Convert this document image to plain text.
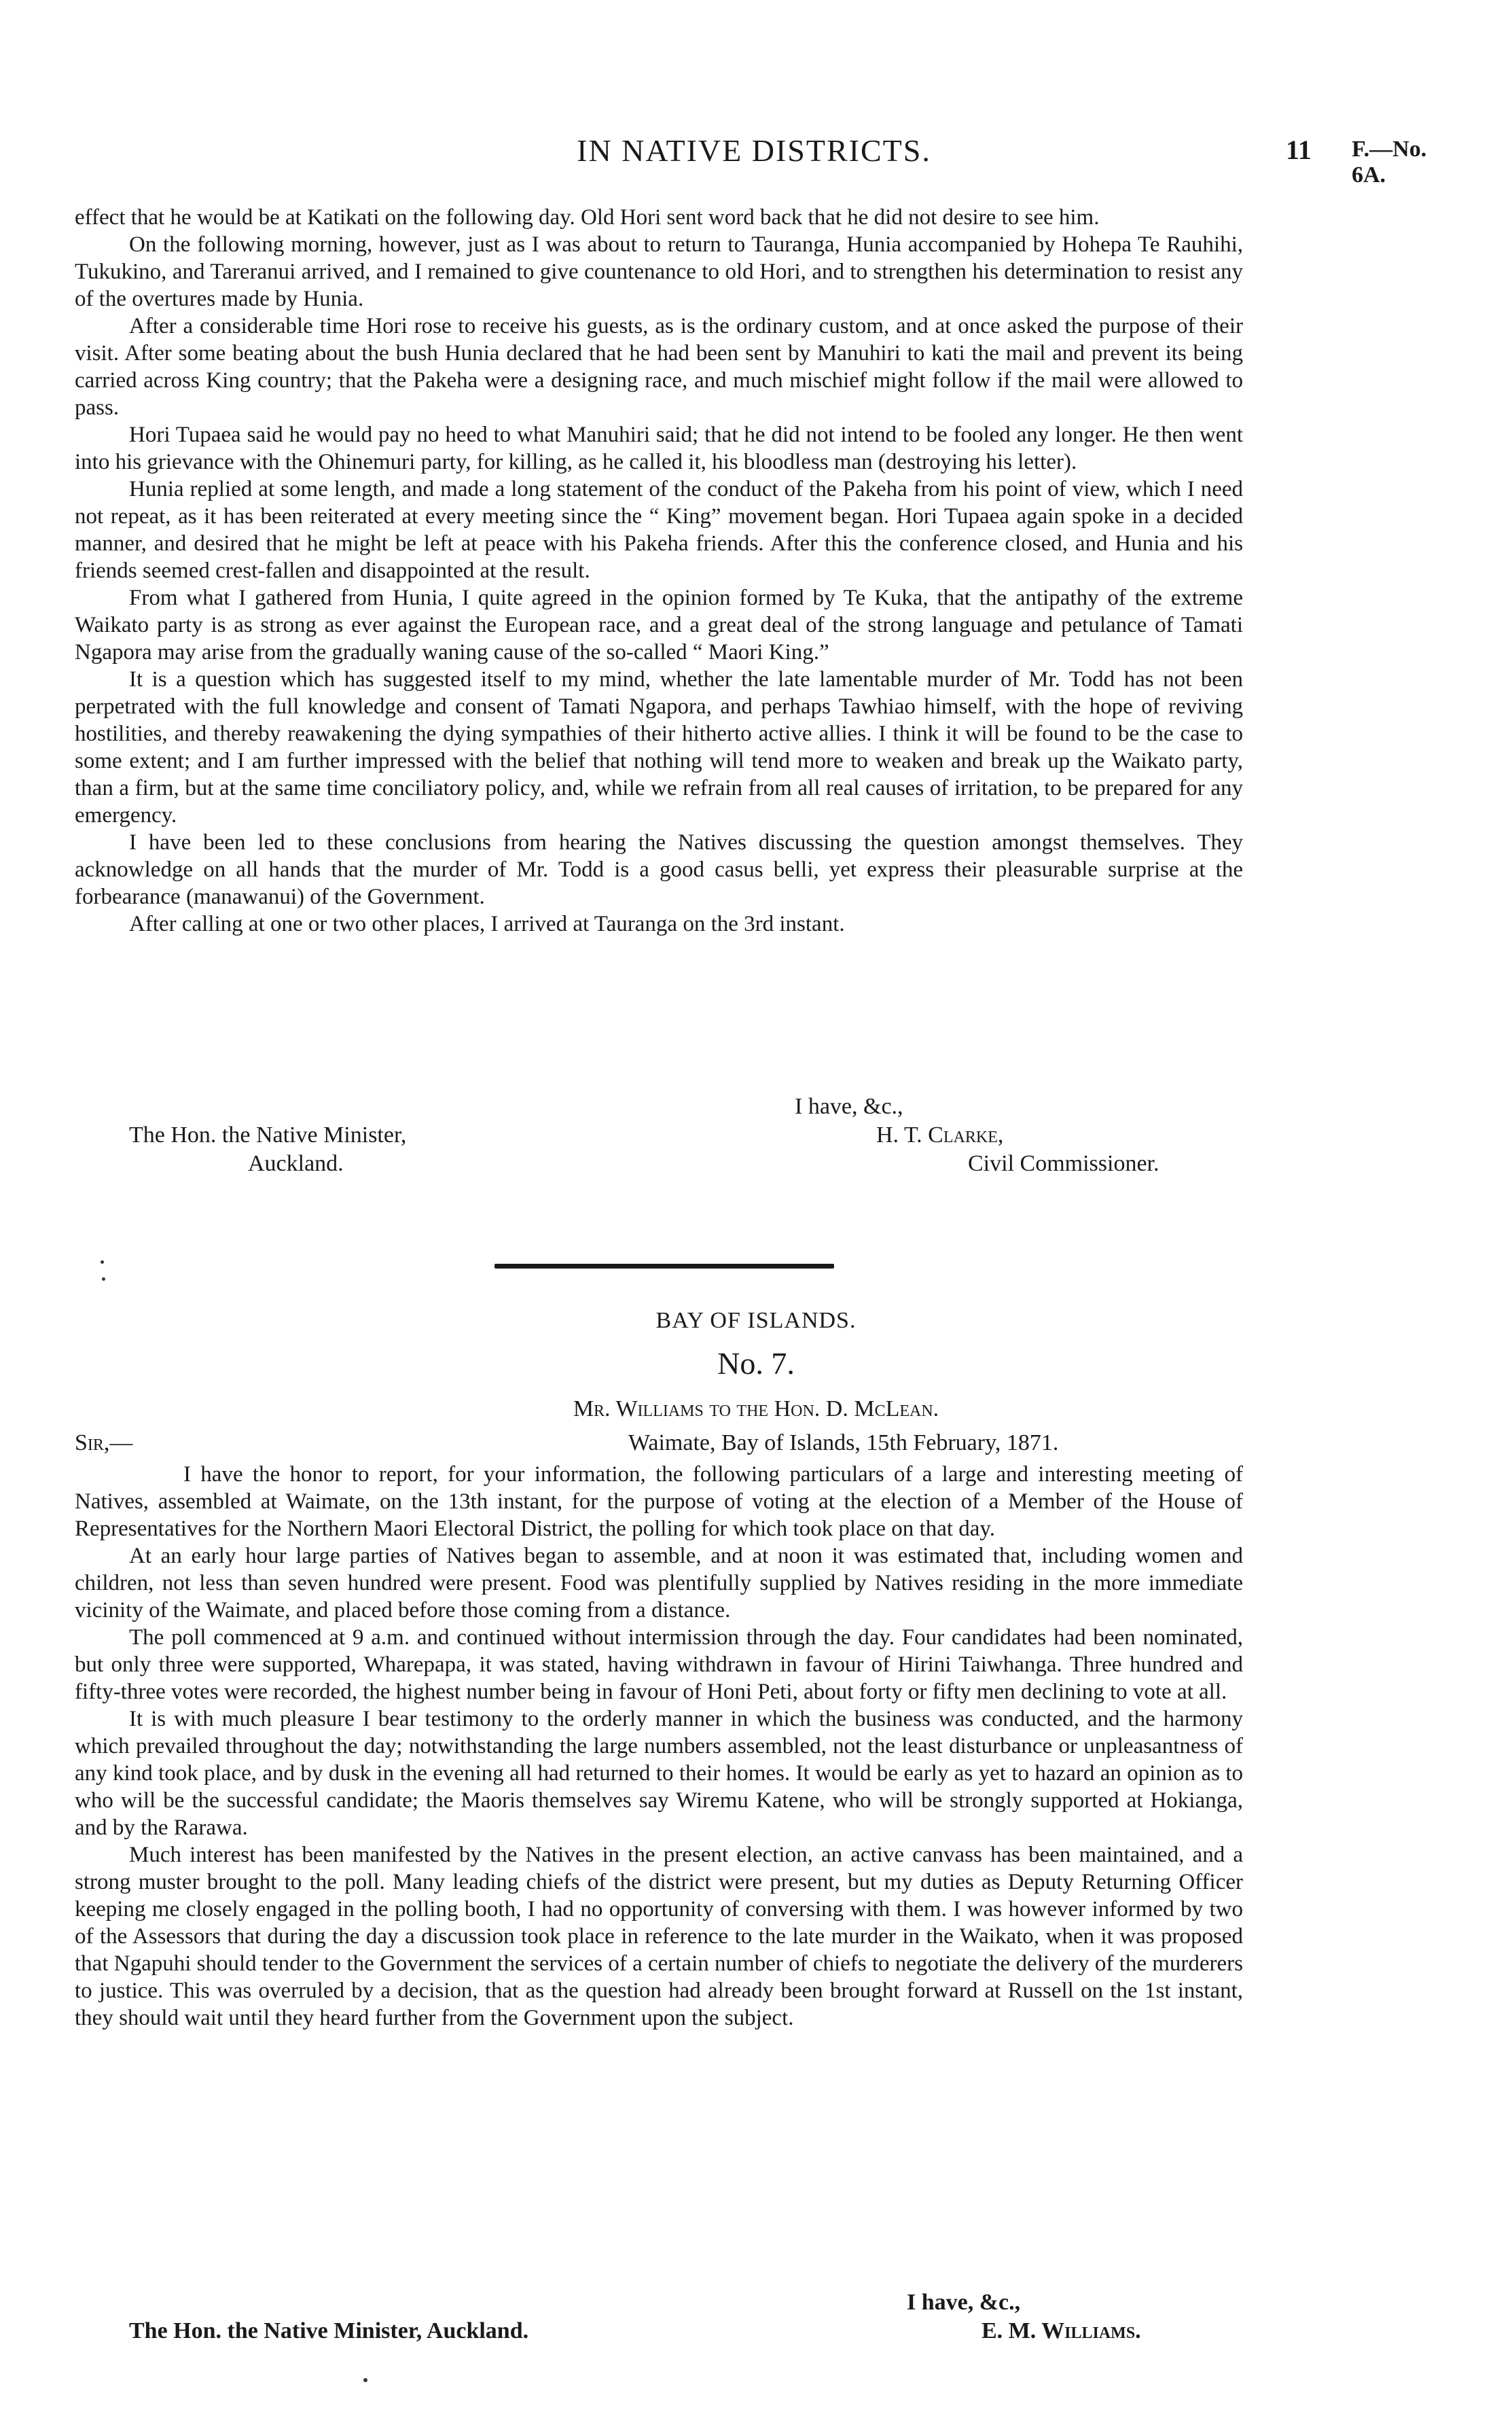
IN NATIVE DISTRICTS.	11 F.—No. 6A.

effect that he would be at Katikati on the following day. Old Hori sent word back that he did not desire to see him.

On the following morning, however, just as I was about to return to Tauranga, Hunia accompanied by Hohepa Te Rauhihi, Tukukino, and Tareranui arrived, and I remained to give countenance to old Hori, and to strengthen his determination to resist any of the overtures made by Hunia.

After a considerable time Hori rose to receive his guests, as is the ordinary custom, and at once asked the purpose of their visit. After some beating about the bush Hunia declared that he had been sent by Manuhiri to kati the mail and prevent its being carried across King country; that the Pakeha were a designing race, and much mischief might follow if the mail were allowed to pass.

Hori Tupaea said he would pay no heed to what Manuhiri said; that he did not intend to be fooled any longer. He then went into his grievance with the Ohinemuri party, for killing, as he called it, his bloodless man (destroying his letter).

Hunia replied at some length, and made a long statement of the conduct of the Pakeha from his point of view, which I need not repeat, as it has been reiterated at every meeting since the “ King” movement began. Hori Tupaea again spoke in a decided manner, and desired that he might be left at peace with his Pakeha friends. After this the conference closed, and Hunia and his friends seemed crest-fallen and disappointed at the result.

From what I gathered from Hunia, I quite agreed in the opinion formed by Te Kuka, that the antipathy of the extreme Waikato party is as strong as ever against the European race, and a great deal of the strong language and petulance of Tamati Ngapora may arise from the gradually waning cause of the so-called “ Maori King.”

It is a question which has suggested itself to my mind, whether the late lamentable murder of Mr. Todd has not been perpetrated with the full knowledge and consent of Tamati Ngapora, and perhaps Tawhiao himself, with the hope of reviving hostilities, and thereby reawakening the dying sympathies of their hitherto active allies. I think it will be found to be the case to some extent; and I am further impressed with the belief that nothing will tend more to weaken and break up the Waikato party, than a firm, but at the same time conciliatory policy, and, while we refrain from all real causes of irritation, to be prepared for any emergency.

I have been led to these conclusions from hearing the Natives discussing the question amongst themselves. They acknowledge on all hands that the murder of Mr. Todd is a good casus belli, yet express their pleasurable surprise at the forbearance (manawanui) of the Government.

After calling at one or two other places, I arrived at Tauranga on the 3rd instant.

I have, &c.,
The Hon. the Native Minister,
Auckland.
H. T. Clarke,
Civil Commissioner.
BAY OF ISLANDS.
No. 7.
Mr. Williams to the Hon. D. McLean.
Sir,—	Waimate, Bay of Islands, 15th February, 1871.

I have the honor to report, for your information, the following particulars of a large and interesting meeting of Natives, assembled at Waimate, on the 13th instant, for the purpose of voting at the election of a Member of the House of Representatives for the Northern Maori Electoral District, the polling for which took place on that day.

At an early hour large parties of Natives began to assemble, and at noon it was estimated that, including women and children, not less than seven hundred were present. Food was plentifully supplied by Natives residing in the more immediate vicinity of the Waimate, and placed before those coming from a distance.

The poll commenced at 9 a.m. and continued without intermission through the day. Four candidates had been nominated, but only three were supported, Wharepapa, it was stated, having withdrawn in favour of Hirini Taiwhanga. Three hundred and fifty-three votes were recorded, the highest number being in favour of Honi Peti, about forty or fifty men declining to vote at all.

It is with much pleasure I bear testimony to the orderly manner in which the business was conducted, and the harmony which prevailed throughout the day; notwithstanding the large numbers assembled, not the least disturbance or unpleasantness of any kind took place, and by dusk in the evening all had returned to their homes. It would be early as yet to hazard an opinion as to who will be the successful candidate; the Maoris themselves say Wiremu Katene, who will be strongly supported at Hokianga, and by the Rarawa.

Much interest has been manifested by the Natives in the present election, an active canvass has been maintained, and a strong muster brought to the poll. Many leading chiefs of the district were present, but my duties as Deputy Returning Officer keeping me closely engaged in the polling booth, I had no opportunity of conversing with them. I was however informed by two of the Assessors that during the day a discussion took place in reference to the late murder in the Waikato, when it was proposed that Ngapuhi should tender to the Government the services of a certain number of chiefs to negotiate the delivery of the murderers to justice. This was overruled by a decision, that as the question had already been brought forward at Russell on the 1st instant, they should wait until they heard further from the Government upon the subject.

I have, &c.,
The Hon. the Native Minister, Auckland.	E. M. Williams.
